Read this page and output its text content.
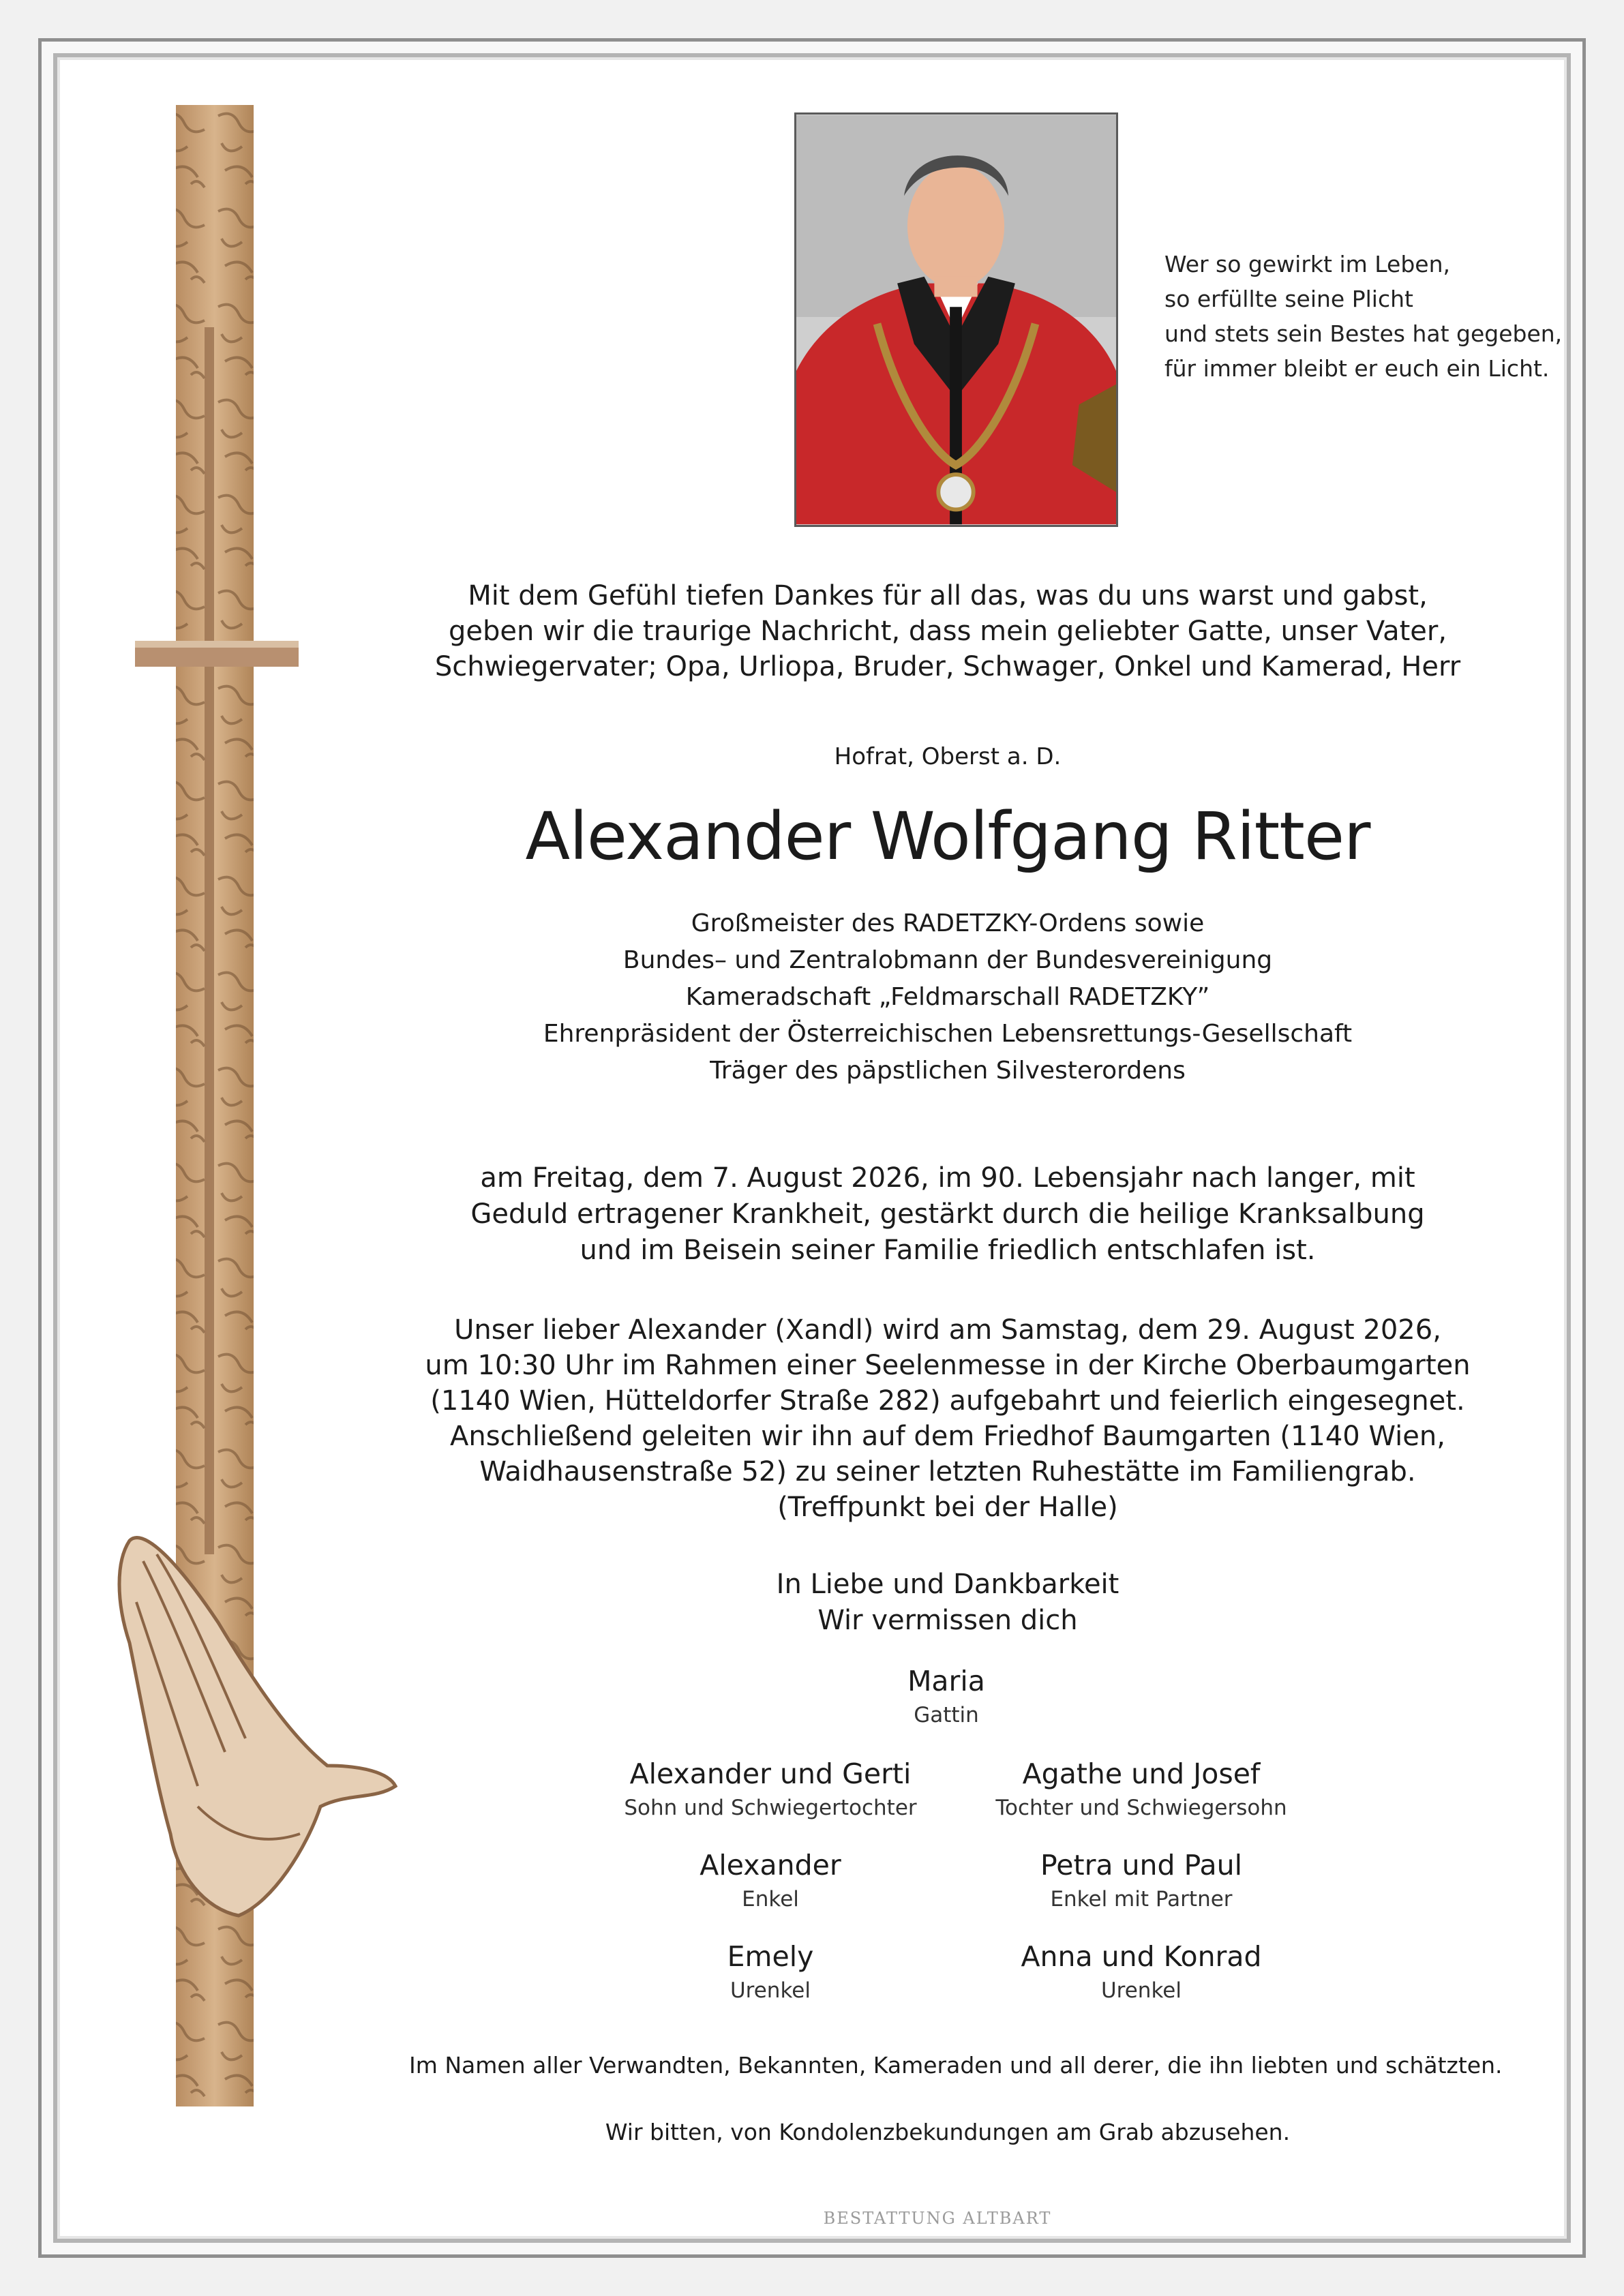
Wer so gewirkt im Leben,
so erfüllte seine Plicht
und stets sein Bestes hat gegeben,
für immer bleibt er euch ein Licht.
Mit dem Gefühl tiefen Dankes für all das, was du uns warst und gabst,
geben wir die traurige Nachricht, dass mein geliebter Gatte, unser Vater,
Schwiegervater; Opa, Urliopa, Bruder, Schwager, Onkel und Kamerad, Herr
Hofrat, Oberst a. D.
Alexander Wolfgang Ritter
Großmeister des RADETZKY-Ordens sowie
Bundes– und Zentralobmann der Bundesvereinigung
Kameradschaft „Feldmarschall RADETZKY”
Ehrenpräsident der Österreichischen Lebensrettungs-Gesellschaft
Träger des päpstlichen Silvesterordens
am Freitag, dem 7. August 2026, im 90. Lebensjahr nach langer, mit
Geduld ertragener Krankheit, gestärkt durch die heilige Kranksalbung
und im Beisein seiner Familie friedlich entschlafen ist.
Unser lieber Alexander (Xandl) wird am Samstag, dem 29. August 2026,
um 10:30 Uhr im Rahmen einer Seelenmesse in der Kirche Oberbaumgarten
(1140 Wien, Hütteldorfer Straße 282) aufgebahrt und feierlich eingesegnet.
Anschließend geleiten wir ihn auf dem Friedhof Baumgarten (1140 Wien,
Waidhausenstraße 52) zu seiner letzten Ruhestätte im Familiengrab.
(Treffpunkt bei der Halle)
In Liebe und Dankbarkeit
Wir vermissen dich
Maria
Gattin
Alexander und Gerti
Sohn und Schwiegertochter
Agathe und Josef
Tochter und Schwiegersohn
Alexander
Enkel
Petra und Paul
Enkel mit Partner
Emely
Urenkel
Anna und Konrad
Urenkel
Im Namen aller Verwandten, Bekannten, Kameraden und all derer, die ihn liebten und schätzten.
Wir bitten, von Kondolenzbekundungen am Grab abzusehen.
BESTATTUNG ALTBART
